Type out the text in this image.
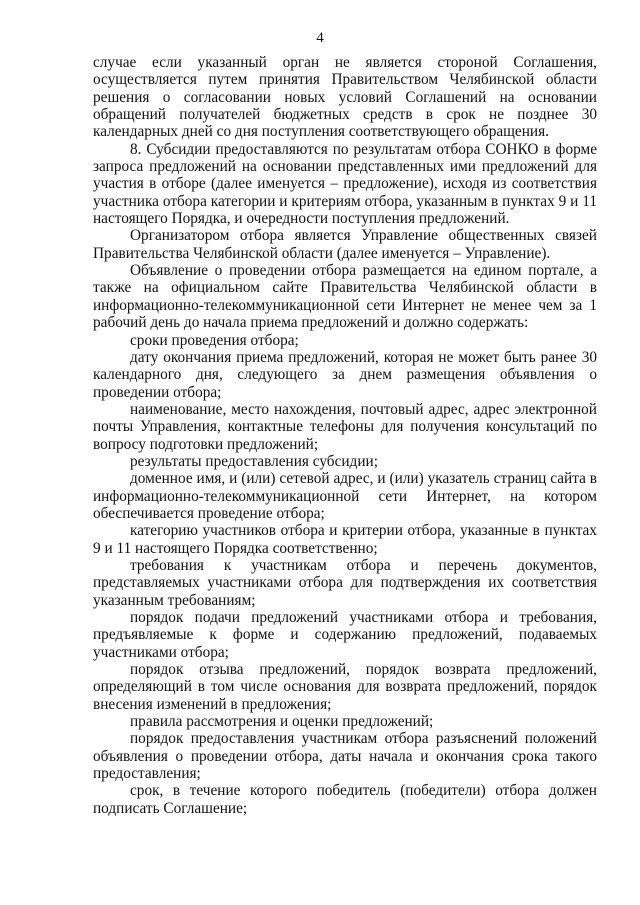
4

случае если указанный орган не является стороной Соглашения, осуществляется путем принятия Правительством Челябинской области решения о согласовании новых условий Соглашений на основании обращений получателей бюджетных средств в срок не позднее 30 календарных дней со дня поступления соответствующего обращения.

8. Субсидии предоставляются по результатам отбора СОНКО в форме запроса предложений на основании представленных ими предложений для участия в отборе (далее именуется – предложение), исходя из соответствия участника отбора категории и критериям отбора, указанным в пунктах 9 и 11 настоящего Порядка, и очередности поступления предложений.

Организатором отбора является Управление общественных связей Правительства Челябинской области (далее именуется – Управление).

Объявление о проведении отбора размещается на едином портале, а также на официальном сайте Правительства Челябинской области в информационно-телекоммуникационной сети Интернет не менее чем за 1 рабочий день до начала приема предложений и должно содержать:

сроки проведения отбора;

дату окончания приема предложений, которая не может быть ранее 30 календарного дня, следующего за днем размещения объявления о проведении отбора;

наименование, место нахождения, почтовый адрес, адрес электронной почты Управления, контактные телефоны для получения консультаций по вопросу подготовки предложений;

результаты предоставления субсидии;

доменное имя, и (или) сетевой адрес, и (или) указатель страниц сайта в информационно-телекоммуникационной сети Интернет, на котором обеспечивается проведение отбора;

категорию участников отбора и критерии отбора, указанные в пунктах 9 и 11 настоящего Порядка соответственно;

требования к участникам отбора и перечень документов, представляемых участниками отбора для подтверждения их соответствия указанным требованиям;

порядок подачи предложений участниками отбора и требования, предъявляемые к форме и содержанию предложений, подаваемых участниками отбора;

порядок отзыва предложений, порядок возврата предложений, определяющий в том числе основания для возврата предложений, порядок внесения изменений в предложения;

правила рассмотрения и оценки предложений;

порядок предоставления участникам отбора разъяснений положений объявления о проведении отбора, даты начала и окончания срока такого предоставления;

срок, в течение которого победитель (победители) отбора должен подписать Соглашение;
